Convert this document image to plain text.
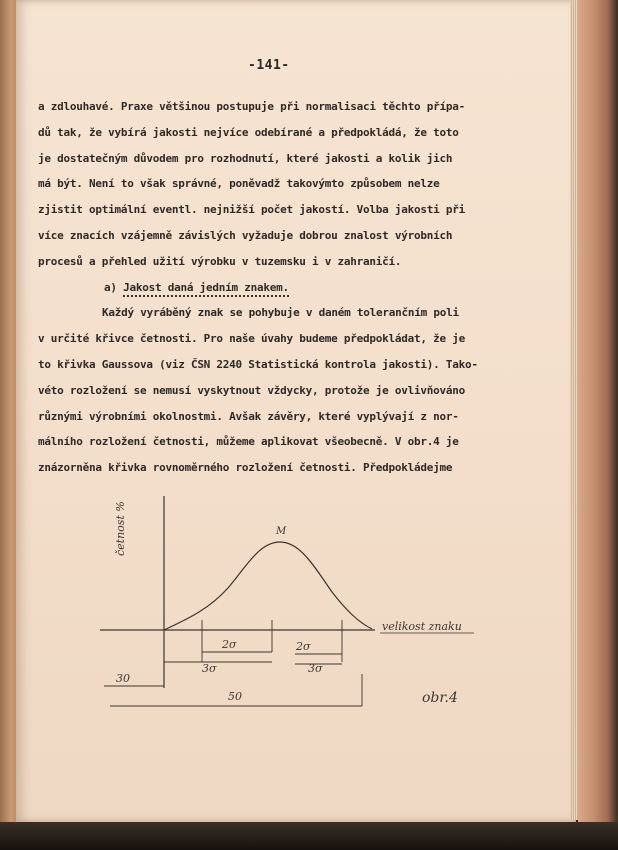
-141-
a zdlouhavé. Praxe většinou postupuje při normalisaci těchto přípa-
dů tak, že vybírá jakosti nejvíce odebírané a předpokládá, že toto
je dostatečným důvodem pro rozhodnutí, které jakosti a kolik jich
má být. Není to však správné, poněvadž takovýmto způsobem nelze
zjistit optimální eventl. nejnižší počet jakostí. Volba jakosti při
více znacích vzájemně závislých vyžaduje dobrou znalost výrobních
procesů a přehled užití výrobku v tuzemsku i v zahraničí.
a) Jakost daná jedním znakem.
Každý vyráběný znak se pohybuje v daném tolerančním poli
v určité křivce četnosti. Pro naše úvahy budeme předpokládat, že je
to křivka Gaussova (viz ČSN 2240 Statistická kontrola jakosti). Tako-
véto rozložení se nemusí vyskytnout vždycky, protože je ovlivňováno
různými výrobními okolnostmi. Avšak závěry, které vyplývají z nor-
málního rozložení četnosti, můžeme aplikovat všeobecně. V obr.4 je
znázorněna křivka rovnoměrného rozložení četnosti. Předpokládejme
četnost %
velikost znaku
M
2σ
3σ
2σ
3σ
30
50	obr.4
